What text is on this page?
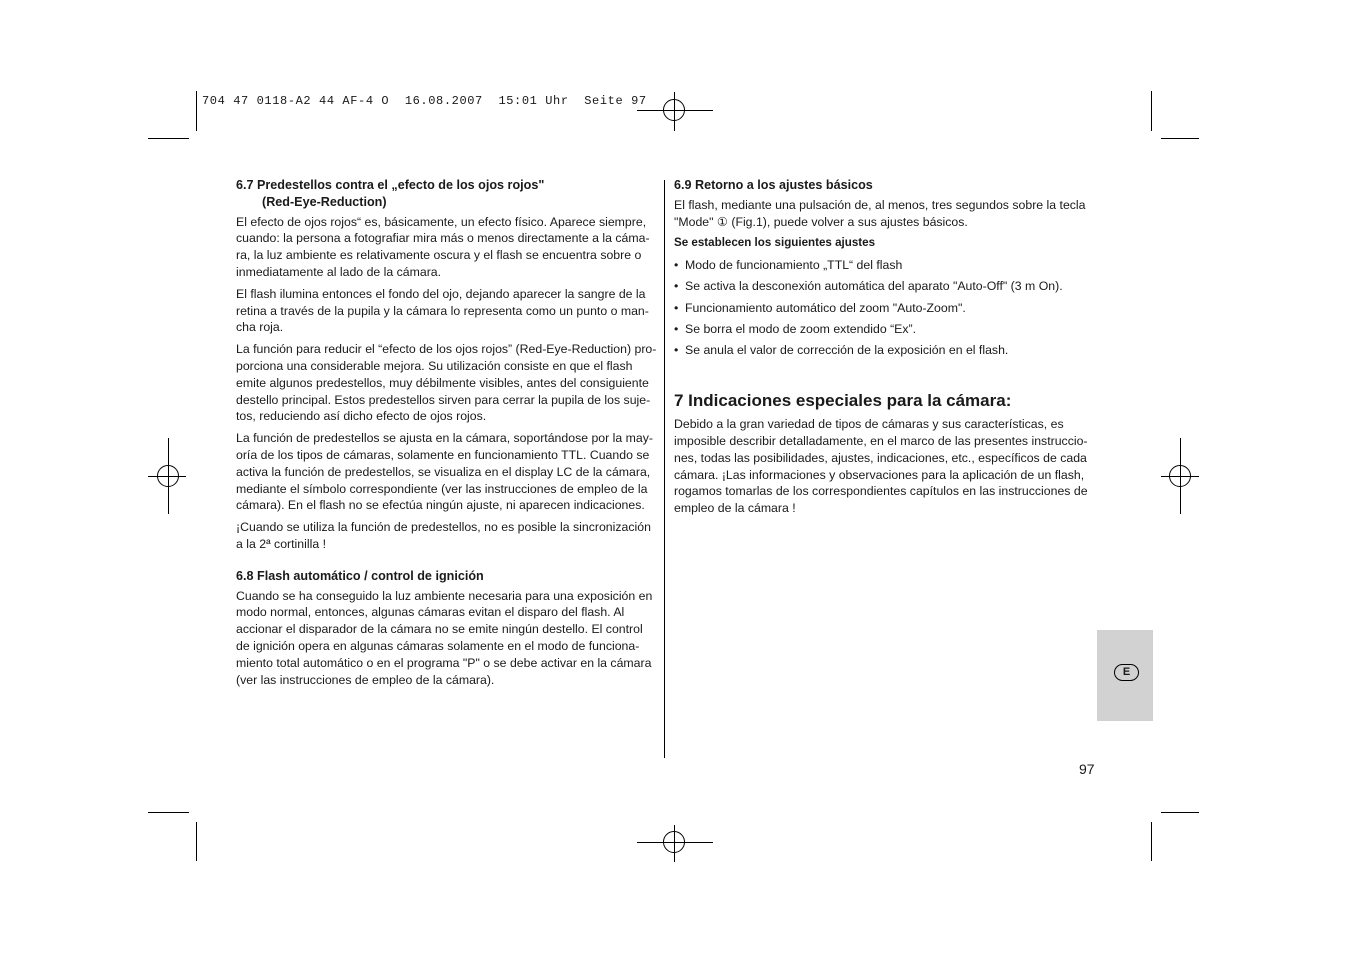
704 47 0118-A2 44 AF-4 O  16.08.2007  15:01 Uhr  Seite 97
6.7 Predestellos contra el „efecto de los ojos rojos"
(Red-Eye-Reduction)

El efecto de ojos rojos“ es, básicamente, un efecto físico. Aparece siempre, cuando: la persona a fotografiar mira más o menos directamente a la cámara, la luz ambiente es relativamente oscura y el flash se encuentra sobre o inmediatamente al lado de la cámara.

El flash ilumina entonces el fondo del ojo, dejando aparecer la sangre de la retina a través de la pupila y la cámara lo representa como un punto o mancha roja.

La función para reducir el “efecto de los ojos rojos” (Red-Eye-Reduction) proporciona una considerable mejora. Su utilización consiste en que el flash emite algunos predestellos, muy débilmente visibles, antes del consiguiente destello principal. Estos predestellos sirven para cerrar la pupila de los sujetos, reduciendo así dicho efecto de ojos rojos.

La función de predestellos se ajusta en la cámara, soportándose por la mayoría de los tipos de cámaras, solamente en funcionamiento TTL. Cuando se activa la función de predestellos, se visualiza en el display LC de la cámara, mediante el símbolo correspondiente (ver las instrucciones de empleo de la cámara). En el flash no se efectúa ningún ajuste, ni aparecen indicaciones.

¡Cuando se utiliza la función de predestellos, no es posible la sincronización a la 2ª cortinilla !

6.8 Flash automático / control de ignición

Cuando se ha conseguido la luz ambiente necesaria para una exposición en modo normal, entonces, algunas cámaras evitan el disparo del flash. Al accionar el disparador de la cámara no se emite ningún destello. El control de ignición opera en algunas cámaras solamente en el modo de funcionamiento total automático o en el programa "P" o se debe activar en la cámara (ver las instrucciones de empleo de la cámara).

6.9 Retorno a los ajustes básicos

El flash, mediante una pulsación de, al menos, tres segundos sobre la tecla "Mode" ① (Fig.1), puede volver a sus ajustes básicos.

Se establecen los siguientes ajustes
• Modo de funcionamiento „TTL“ del flash
• Se activa la desconexión automática del aparato "Auto-Off" (3 m On).
• Funcionamiento automático del zoom "Auto-Zoom".
• Se borra el modo de zoom extendido “Ex”.
• Se anula el valor de corrección de la exposición en el flash.
7 Indicaciones especiales para la cámara:

Debido a la gran variedad de tipos de cámaras y sus características, es imposible describir detalladamente, en el marco de las presentes instrucciones, todas las posibilidades, ajustes, indicaciones, etc., específicos de cada cámara. ¡Las informaciones y observaciones para la aplicación de un flash, rogamos tomarlas de los correspondientes capítulos en las instrucciones de empleo de la cámara !

E
97
